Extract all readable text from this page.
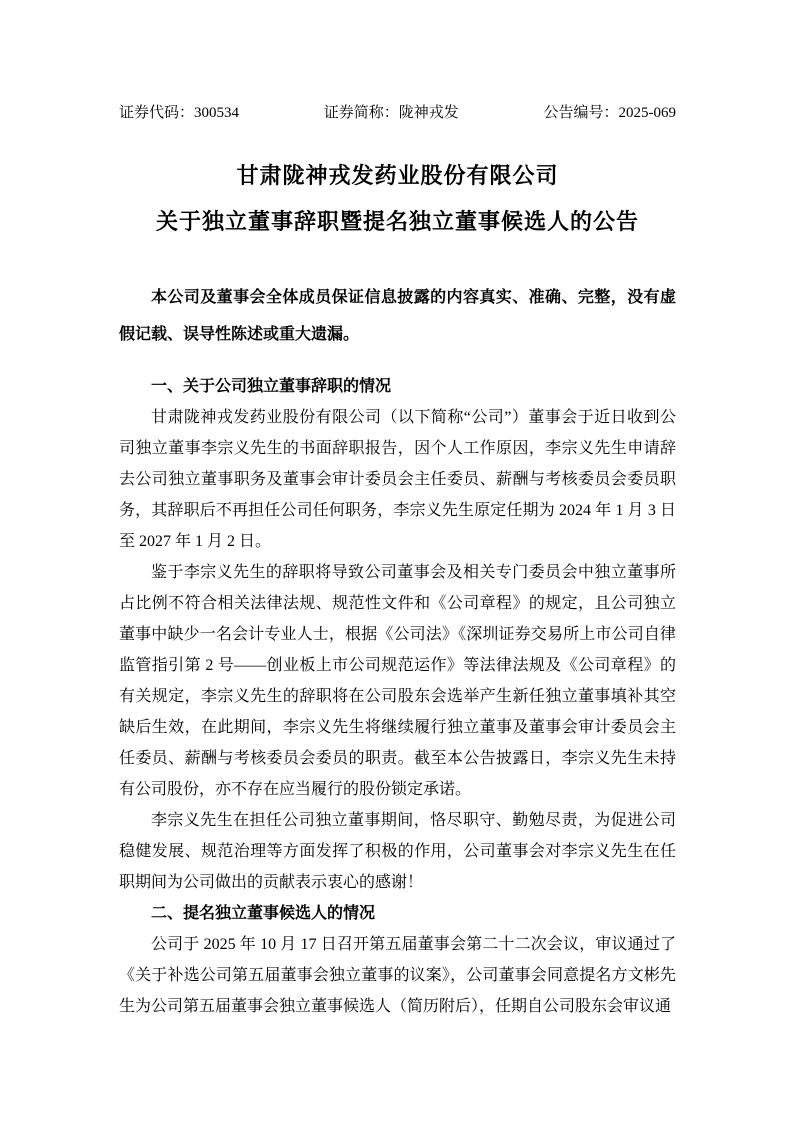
证券代码：300534	证券简称：陇神戎发	公告编号：2025-069
甘肃陇神戎发药业股份有限公司
关于独立董事辞职暨提名独立董事候选人的公告

本公司及董事会全体成员保证信息披露的内容真实、准确、完整，没有虚假记载、误导性陈述或重大遗漏。

一、关于公司独立董事辞职的情况

甘肃陇神戎发药业股份有限公司（以下简称“公司”）董事会于近日收到公司独立董事李宗义先生的书面辞职报告，因个人工作原因，李宗义先生申请辞去公司独立董事职务及董事会审计委员会主任委员、薪酬与考核委员会委员职务，其辞职后不再担任公司任何职务，李宗义先生原定任期为 2024 年 1 月 3 日至 2027 年 1 月 2 日。

鉴于李宗义先生的辞职将导致公司董事会及相关专门委员会中独立董事所占比例不符合相关法律法规、规范性文件和《公司章程》的规定，且公司独立董事中缺少一名会计专业人士，根据《公司法》《深圳证券交易所上市公司自律监管指引第 2 号——创业板上市公司规范运作》等法律法规及《公司章程》的有关规定，李宗义先生的辞职将在公司股东会选举产生新任独立董事填补其空缺后生效，在此期间，李宗义先生将继续履行独立董事及董事会审计委员会主任委员、薪酬与考核委员会委员的职责。截至本公告披露日，李宗义先生未持有公司股份，亦不存在应当履行的股份锁定承诺。

李宗义先生在担任公司独立董事期间，恪尽职守、勤勉尽责，为促进公司稳健发展、规范治理等方面发挥了积极的作用，公司董事会对李宗义先生在任职期间为公司做出的贡献表示衷心的感谢！

二、提名独立董事候选人的情况

公司于 2025 年 10 月 17 日召开第五届董事会第二十二次会议，审议通过了《关于补选公司第五届董事会独立董事的议案》，公司董事会同意提名方文彬先生为公司第五届董事会独立董事候选人（简历附后），任期自公司股东会审议通
